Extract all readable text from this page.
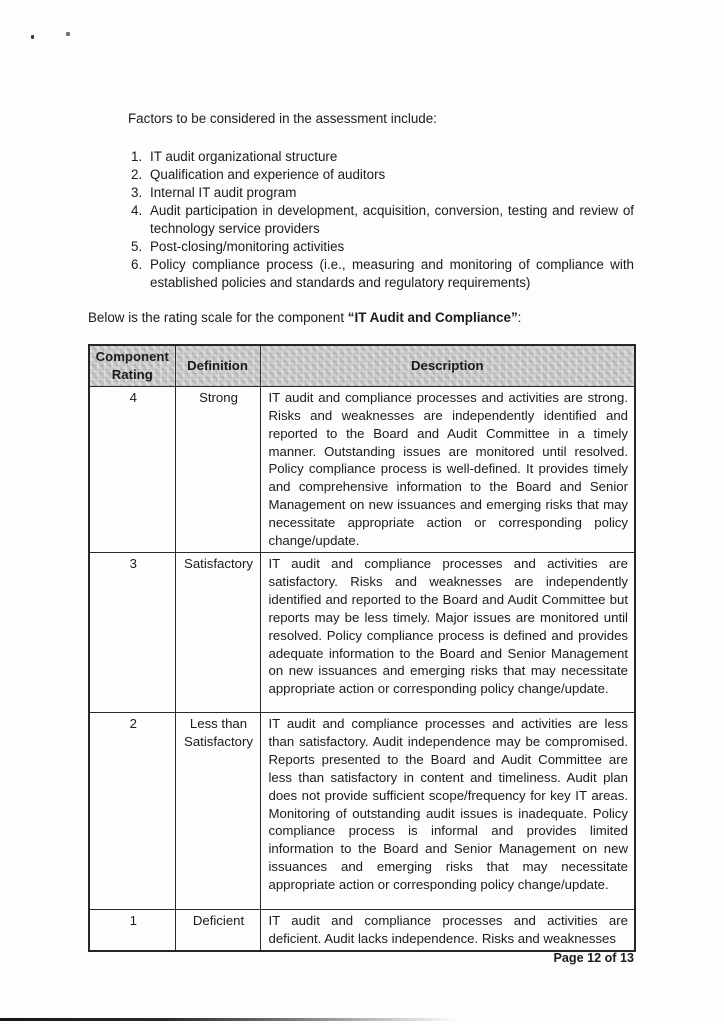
Factors to be considered in the assessment include:

IT audit organizational structure
Qualification and experience of auditors
Internal IT audit program
Audit participation in development, acquisition, conversion, testing and review of technology service providers
Post-closing/monitoring activities
Policy compliance process (i.e., measuring and monitoring of compliance with established policies and standards and regulatory requirements)

Below is the rating scale for the component “IT Audit and Compliance”:

Component Rating	Definition	Description
4	Strong	IT audit and compliance processes and activities are strong. Risks and weaknesses are independently identified and reported to the Board and Audit Committee in a timely manner. Outstanding issues are monitored until resolved. Policy compliance process is well-defined. It provides timely and comprehensive information to the Board and Senior Management on new issuances and emerging risks that may necessitate appropriate action or corresponding policy change/update.
3	Satisfactory	IT audit and compliance processes and activities are satisfactory. Risks and weaknesses are independently identified and reported to the Board and Audit Committee but reports may be less timely. Major issues are monitored until resolved. Policy compliance process is defined and provides adequate information to the Board and Senior Management on new issuances and emerging risks that may necessitate appropriate action or corresponding policy change/update.
2	Less than Satisfactory	IT audit and compliance processes and activities are less than satisfactory. Audit independence may be compromised. Reports presented to the Board and Audit Committee are less than satisfactory in content and timeliness. Audit plan does not provide sufficient scope/frequency for key IT areas. Monitoring of outstanding audit issues is inadequate. Policy compliance process is informal and provides limited information to the Board and Senior Management on new issuances and emerging risks that may necessitate appropriate action or corresponding policy change/update.
1	Deficient	IT audit and compliance processes and activities are deficient. Audit lacks independence. Risks and weaknesses
Page 12 of 13
